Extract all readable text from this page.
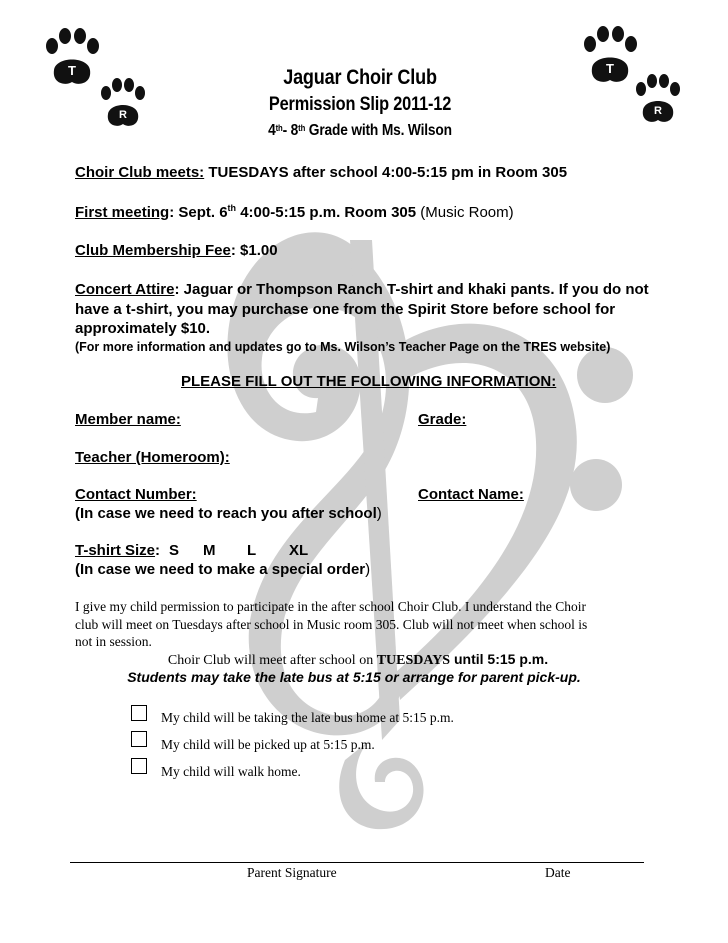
T
R
T
R
Jaguar Choir Club
Permission Slip 2011-12
4th- 8th Grade with Ms. Wilson
Choir Club meets: TUESDAYS after school 4:00-5:15 pm in Room 305
First meeting: Sept. 6th 4:00-5:15 p.m. Room 305 (Music Room)
Club Membership Fee: $1.00
Concert Attire: Jaguar or Thompson Ranch T-shirt and khaki pants. If you do not
have a t-shirt, you may purchase one from the Spirit Store before school for
approximately $10.
(For more information and updates go to Ms. Wilson’s Teacher Page on the TRES website)
PLEASE FILL OUT THE FOLLOWING INFORMATION:
Member name:	Grade:
Teacher (Homeroom):
Contact Number:	Contact Name:
(In case we need to reach you after school)
T-shirt Size: S M L XL
(In case we need to make a special order)
I give my child permission to participate in the after school Choir Club. I understand the Choir
club will meet on Tuesdays after school in Music room 305. Club will not meet when school is
not in session.
Choir Club will meet after school on TUESDAYS until 5:15 p.m.
Students may take the late bus at 5:15 or arrange for parent pick-up.
My child will be taking the late bus home at 5:15 p.m.
My child will be picked up at 5:15 p.m.
My child will walk home.
Parent Signature	Date
